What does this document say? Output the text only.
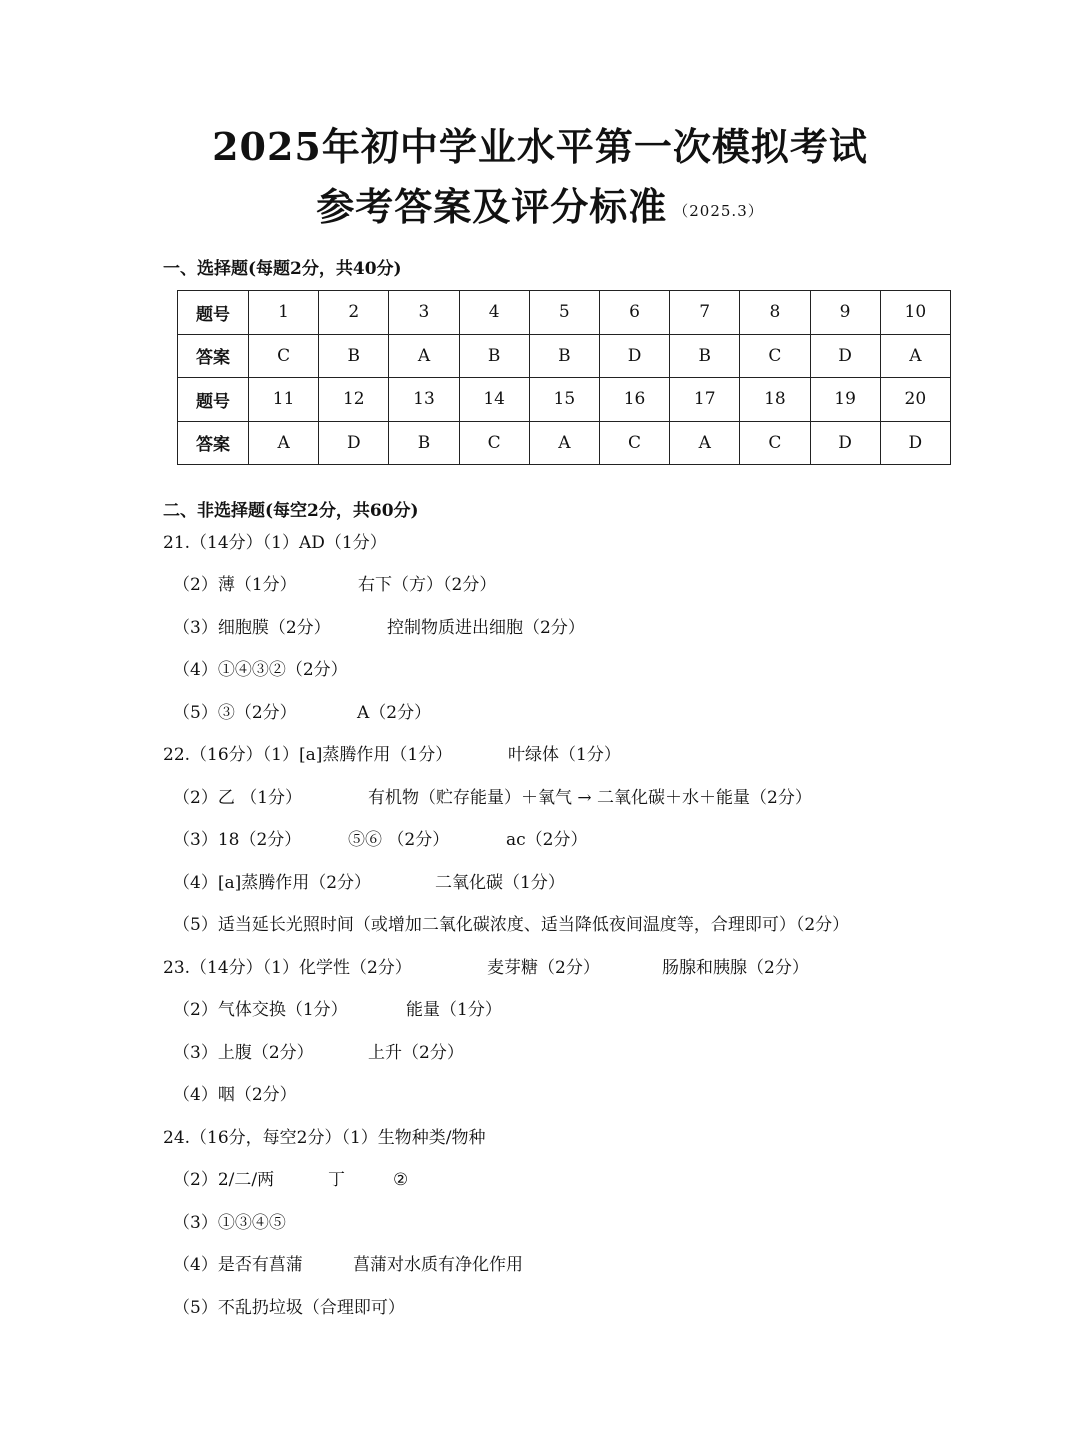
2025年初中学业水平第一次模拟考试
参考答案及评分标准 （2025.3）
一、选择题(每题2分，共40分)
题号	1	2	3	4	5	6	7	8	9	10
答案	C	B	A	B	B	D	B	C	D	A
题号	11	12	13	14	15	16	17	18	19	20
答案	A	D	B	C	A	C	A	C	D	D
二、非选择题(每空2分，共60分)
21.（14分）（1）AD（1分）
（2）薄（1分）	右下（方）（2分）
（3）细胞膜（2分）	控制物质进出细胞（2分）
（4）①④③②（2分）
（5）③（2分）	A（2分）
22.（16分）（1）[a]蒸腾作用（1分）	叶绿体（1分）
（2）乙 （1分）	有机物（贮存能量）＋氧气 → 二氧化碳＋水＋能量（2分）
（3）18（2分）	⑤⑥ （2分）	ac（2分）
（4）[a]蒸腾作用（2分）	二氧化碳（1分）
（5）适当延长光照时间（或增加二氧化碳浓度、适当降低夜间温度等，合理即可）（2分）
23.（14分）（1）化学性（2分）	麦芽糖（2分）	肠腺和胰腺（2分）
（2）气体交换（1分）	能量（1分）
（3）上腹（2分）	上升（2分）
（4）咽（2分）
24.（16分，每空2分）（1）生物种类/物种
（2）2/二/两	丁	②
（3）①③④⑤
（4）是否有菖蒲	菖蒲对水质有净化作用
（5）不乱扔垃圾（合理即可）
